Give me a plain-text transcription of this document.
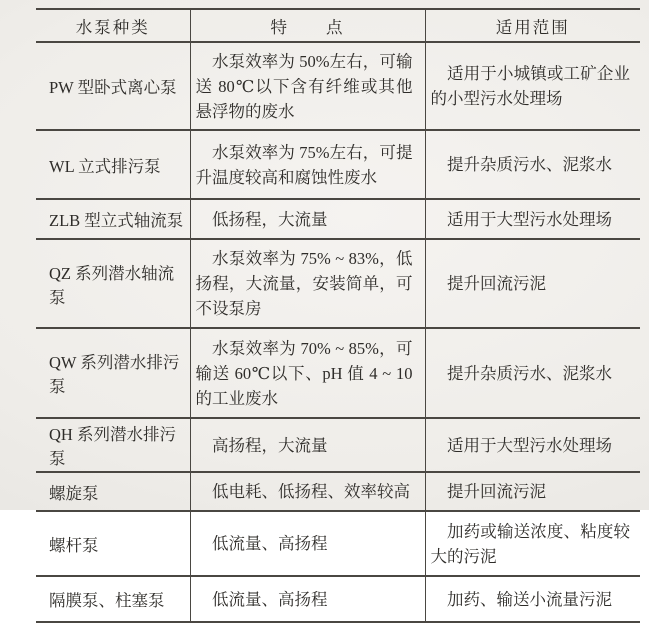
水泵种类	特　　点	适用范围
PW 型卧式离心泵	水泵效率为 50%左右，可输送 80℃以下含有纤维或其他悬浮物的废水	适用于小城镇或工矿企业的小型污水处理场
WL 立式排污泵	水泵效率为 75%左右，可提升温度较高和腐蚀性废水	提升杂质污水、泥浆水
ZLB 型立式轴流泵	低扬程，大流量	适用于大型污水处理场
QZ 系列潜水轴流泵	水泵效率为 75% ~ 83%，低扬程，大流量，安装简单，可不设泵房	提升回流污泥
QW 系列潜水排污泵	水泵效率为 70% ~ 85%，可输送 60℃以下、pH 值 4 ~ 10 的工业废水	提升杂质污水、泥浆水
QH 系列潜水排污泵	高扬程，大流量	适用于大型污水处理场
螺旋泵	低电耗、低扬程、效率较高	提升回流污泥
螺杆泵	低流量、高扬程	加药或输送浓度、粘度较大的污泥
隔膜泵、柱塞泵	低流量、高扬程	加药、输送小流量污泥
